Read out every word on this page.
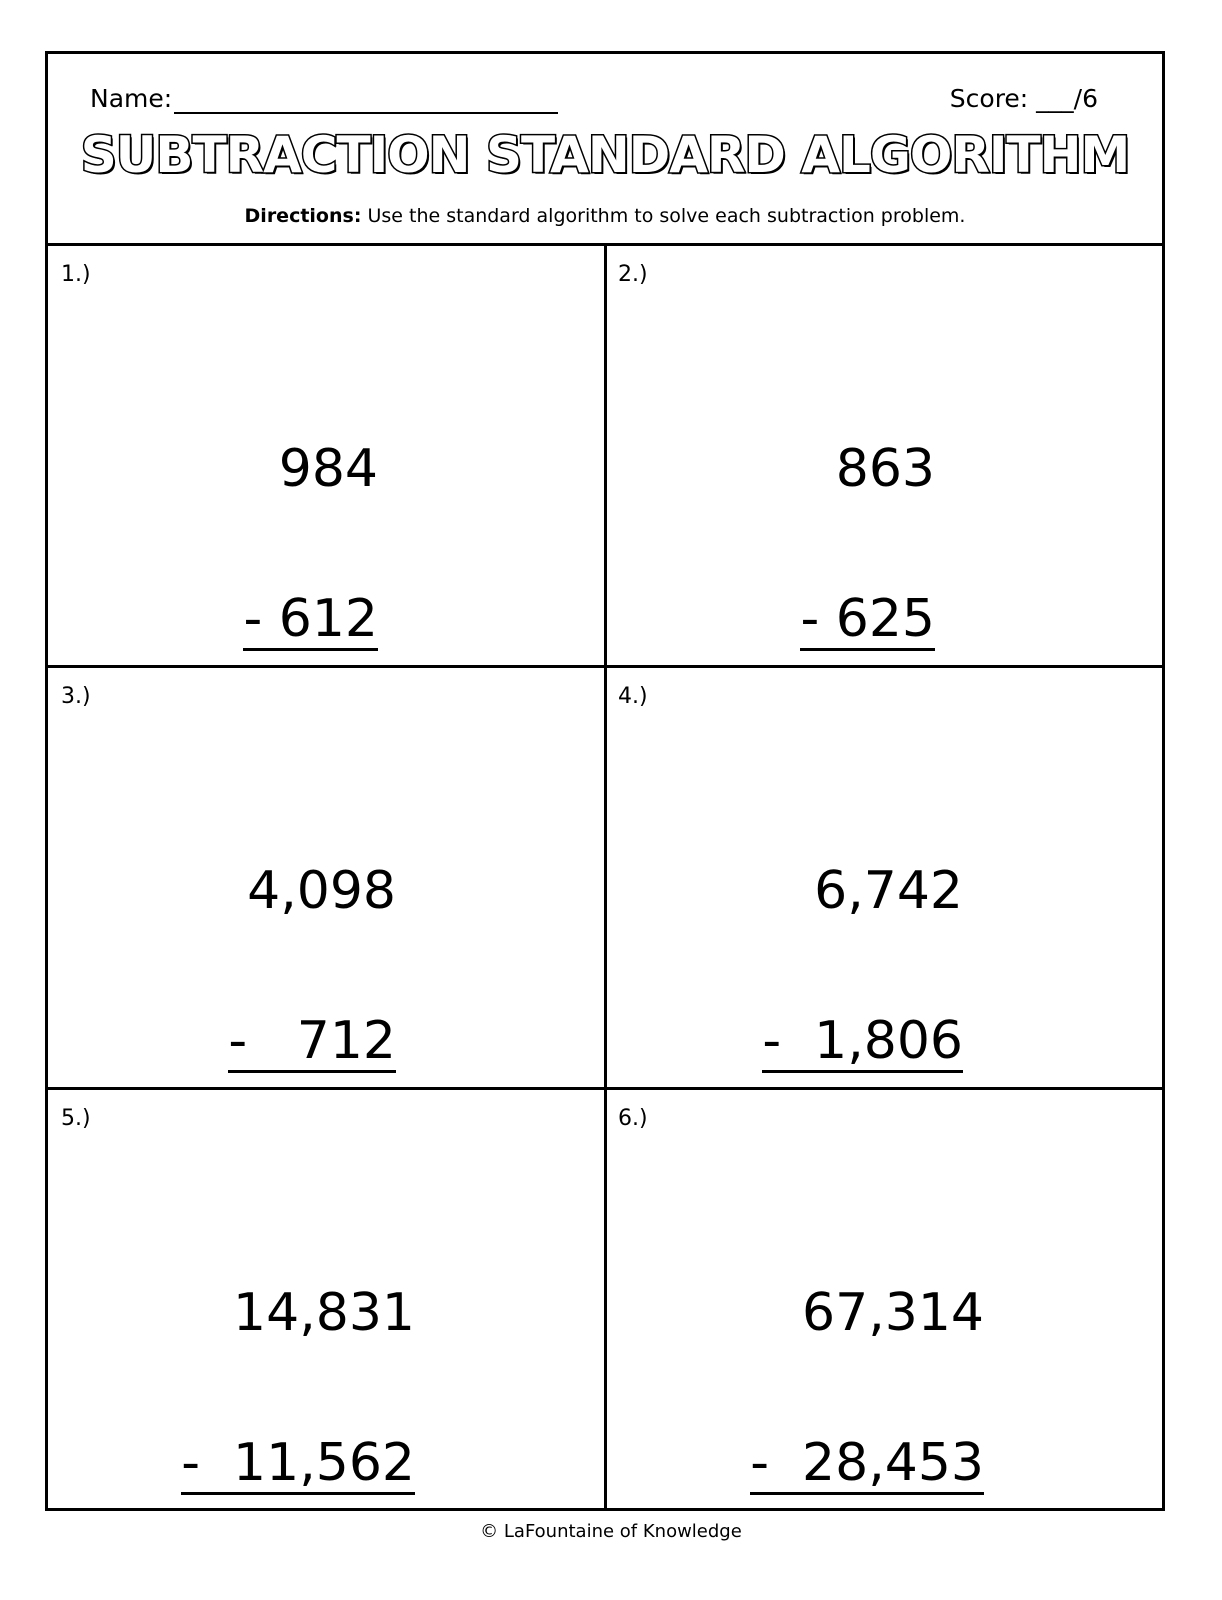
Name:	Score: ___/6
SUBTRACTION STANDARD ALGORITHM
Directions: Use the standard algorithm to solve each subtraction problem.
1.)

984

- 612

2.)

863

- 625

3.)

4,098

-   712

4.)

6,742

-  1,806

5.)

14,831

-  11,562

6.)

67,314

-  28,453

© LaFountaine of Knowledge
